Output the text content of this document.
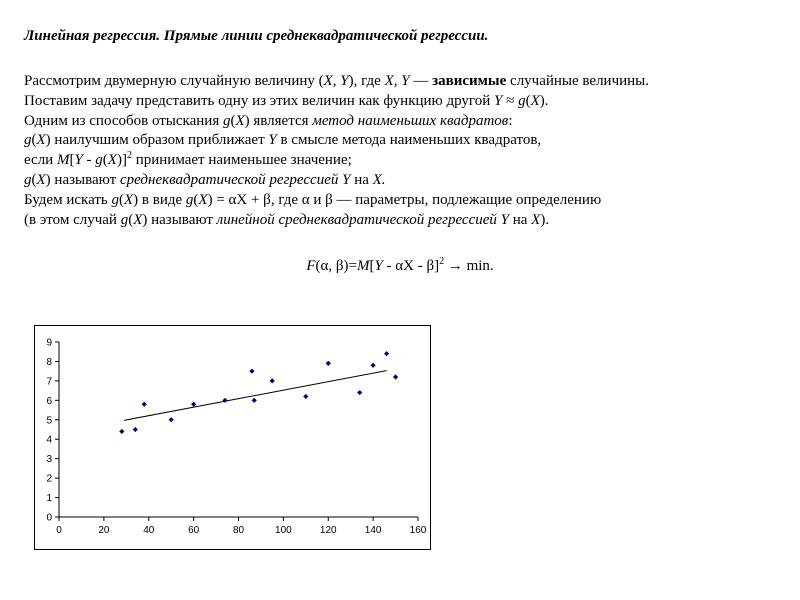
Линейная регрессия. Прямые линии среднеквадратической регрессии.
Рассмотрим двумерную случайную величину (X, Y), где X, Y — зависимые случайные величины.
Поставим задачу представить одну из этих величин как функцию другой Y ≈ g(X).
Одним из способов отыскания g(X) является метод наименьших квадратов:
g(X) наилучшим образом приближает Y в смысле метода наименьших квадратов,
если M[Y - g(X)]$^2$ принимает наименьшее значение;
g(X) называют среднеквадратической регрессией Y на X.
Будем искать g(X) в виде g(X) = αX + β, где α и β — параметры, подлежащие определению
(в этом случай g(X) называют линейной среднеквадратической регрессией Y на X).
F(α, β)=M[Y - αX - β]$^2$ → min.
0
1
2
3
4
5
6
7
8
9
0	20	40	60	80	100	120	140	160
